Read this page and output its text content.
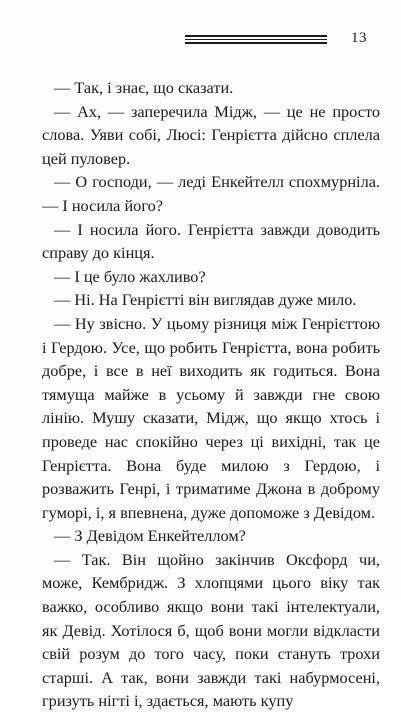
13

— Так, і знає, що сказати.

— Ах, — заперечила Мідж, — це не просто слова. Уяви собі, Люсі: Генрієтта дійсно сплела цей пуловер.

— О господи, — леді Енкейтелл спохмурніла. — І носила його?

— І носила його. Генрієтта завжди доводить справу до кінця.

— І це було жахливо?

— Ні. На Генрієтті він виглядав дуже мило.

— Ну звісно. У цьому різниця між Генрієттою і Гердою. Усе, що робить Генрієтта, вона робить добре, і все в неї виходить як годиться. Вона тямуща майже в усьому й завжди гне свою лінію. Мушу сказати, Мідж, що якщо хтось і проведе нас спокійно через ці вихідні, так це Генрієтта. Вона буде милою з Гердою, і розважить Генрі, і триматиме Джона в доброму гуморі, і, я впевнена, дуже допоможе з Девідом.

— З Девідом Енкейтеллом?

— Так. Він щойно закінчив Оксфорд чи, може, Кембридж. З хлопцями цього віку так важко, особливо якщо вони такі інтелектуали, як Девід. Хотілося б, щоб вони могли відкласти свій розум до того часу, поки стануть трохи старші. А так, вони завжди такі набурмосені, гризуть нігті і, здається, мають купу
